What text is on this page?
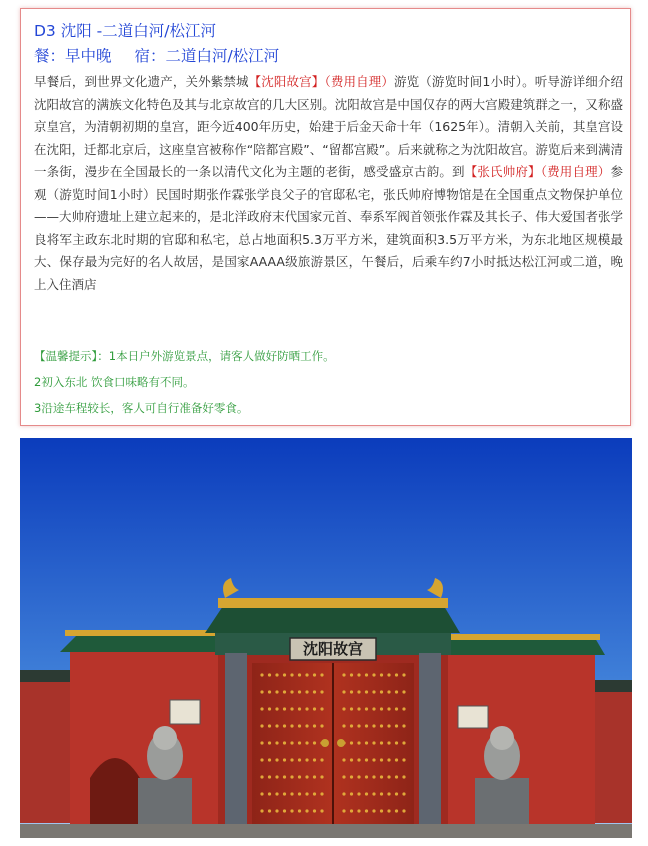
D3 沈阳 -二道白河/松江河
餐：早中晚 宿：二道白河/松江河
早餐后，到世界文化遗产，关外紫禁城【沈阳故宫】（费用自理）游览（游览时间1小时）。听导游详细介绍沈阳故宫的满族文化特色及其与北京故宫的几大区别。沈阳故宫是中国仅存的两大宫殿建筑群之一，又称盛京皇宫，为清朝初期的皇宫，距今近400年历史，始建于后金天命十年（1625年）。清朝入关前，其皇宫设在沈阳，迁都北京后，这座皇宫被称作“陪都宫殿”、“留都宫殿”。后来就称之为沈阳故宫。游览后来到满清一条街，漫步在全国最长的一条以清代文化为主题的老街，感受盛京古韵。到【张氏帅府】（费用自理）参观（游览时间1小时）民国时期张作霖张学良父子的官邸私宅，张氏帅府博物馆是在全国重点文物保护单位——大帅府遗址上建立起来的，是北洋政府末代国家元首、奉系军阀首领张作霖及其长子、伟大爱国者张学良将军主政东北时期的官邸和私宅，总占地面积5.3万平方米，建筑面积3.5万平方米，为东北地区规模最大、保存最为完好的名人故居，是国家AAAA级旅游景区，午餐后，后乘车约7小时抵达松江河或二道，晚上入住酒店
【温馨提示】：1本日户外游览景点，请客人做好防晒工作。
2初入东北 饮食口味略有不同。
3沿途车程较长，客人可自行准备好零食。
沈阳故宫
